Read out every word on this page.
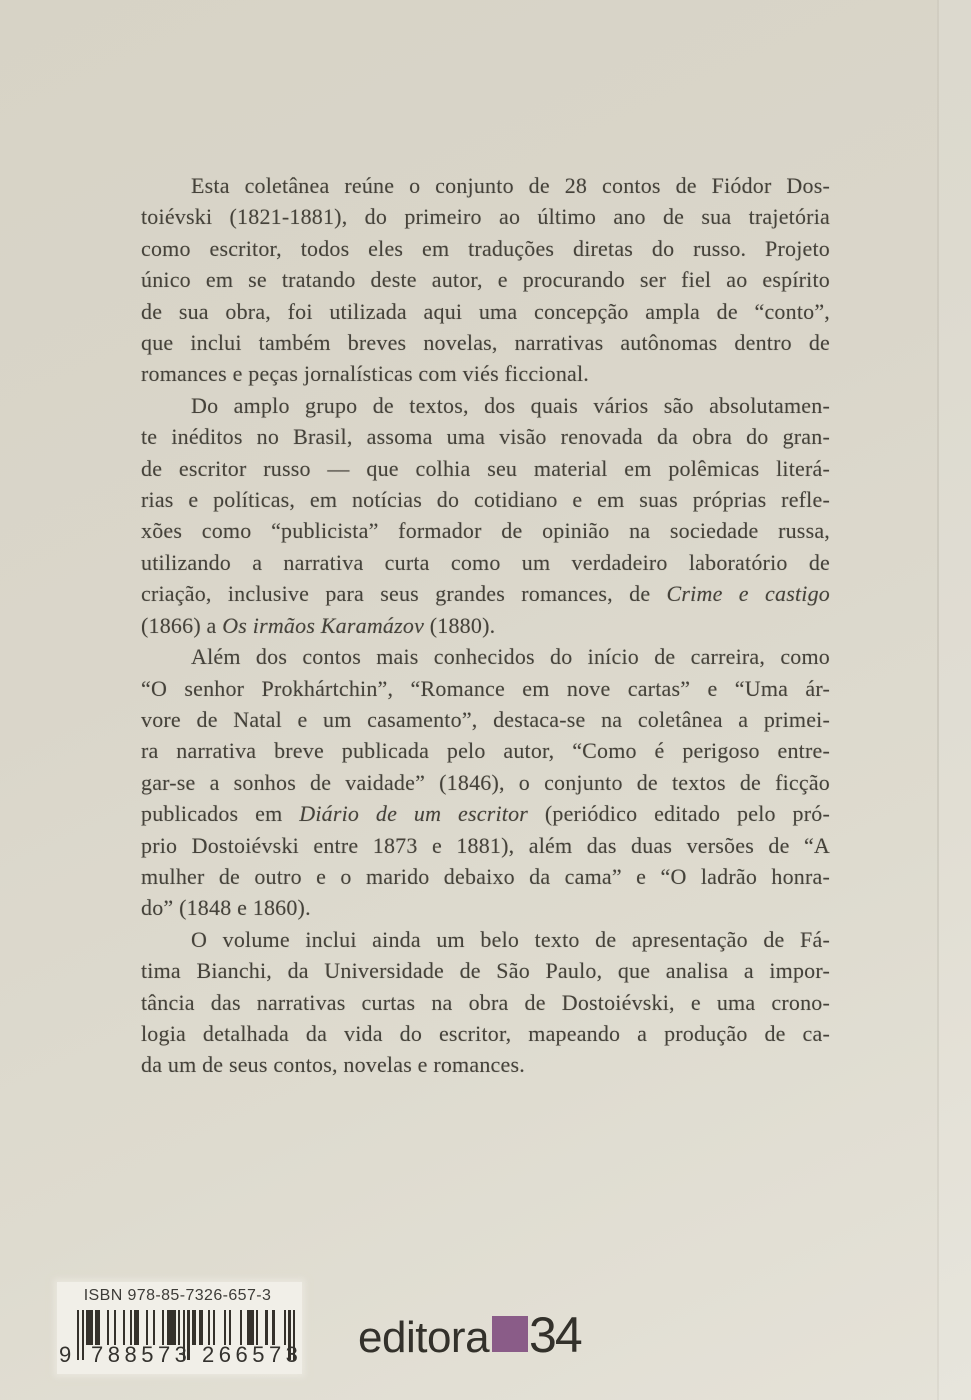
Esta coletânea reúne o conjunto de 28 contos de Fiódor Dos-
toiévski (1821-1881), do primeiro ao último ano de sua trajetória
como escritor, todos eles em traduções diretas do russo. Projeto
único em se tratando deste autor, e procurando ser fiel ao espírito
de sua obra, foi utilizada aqui uma concepção ampla de “conto”,
que inclui também breves novelas, narrativas autônomas dentro de
romances e peças jornalísticas com viés ficcional.
Do amplo grupo de textos, dos quais vários são absolutamen-
te inéditos no Brasil, assoma uma visão renovada da obra do gran-
de escritor russo — que colhia seu material em polêmicas literá-
rias e políticas, em notícias do cotidiano e em suas próprias refle-
xões como “publicista” formador de opinião na sociedade russa,
utilizando a narrativa curta como um verdadeiro laboratório de
criação, inclusive para seus grandes romances, de Crime e castigo
(1866) a Os irmãos Karamázov (1880).
Além dos contos mais conhecidos do início de carreira, como
“O senhor Prokhártchin”, “Romance em nove cartas” e “Uma ár-
vore de Natal e um casamento”, destaca-se na coletânea a primei-
ra narrativa breve publicada pelo autor, “Como é perigoso entre-
gar-se a sonhos de vaidade” (1846), o conjunto de textos de ficção
publicados em Diário de um escritor (periódico editado pelo pró-
prio Dostoiévski entre 1873 e 1881), além das duas versões de “A
mulher de outro e o marido debaixo da cama” e “O ladrão honra-
do” (1848 e 1860).
O volume inclui ainda um belo texto de apresentação de Fá-
tima Bianchi, da Universidade de São Paulo, que analisa a impor-
tância das narrativas curtas na obra de Dostoiévski, e uma crono-
logia detalhada da vida do escritor, mapeando a produção de ca-
da um de seus contos, novelas e romances.
ISBN 978-85-7326-657-3
9 788573 266573 editora 34
